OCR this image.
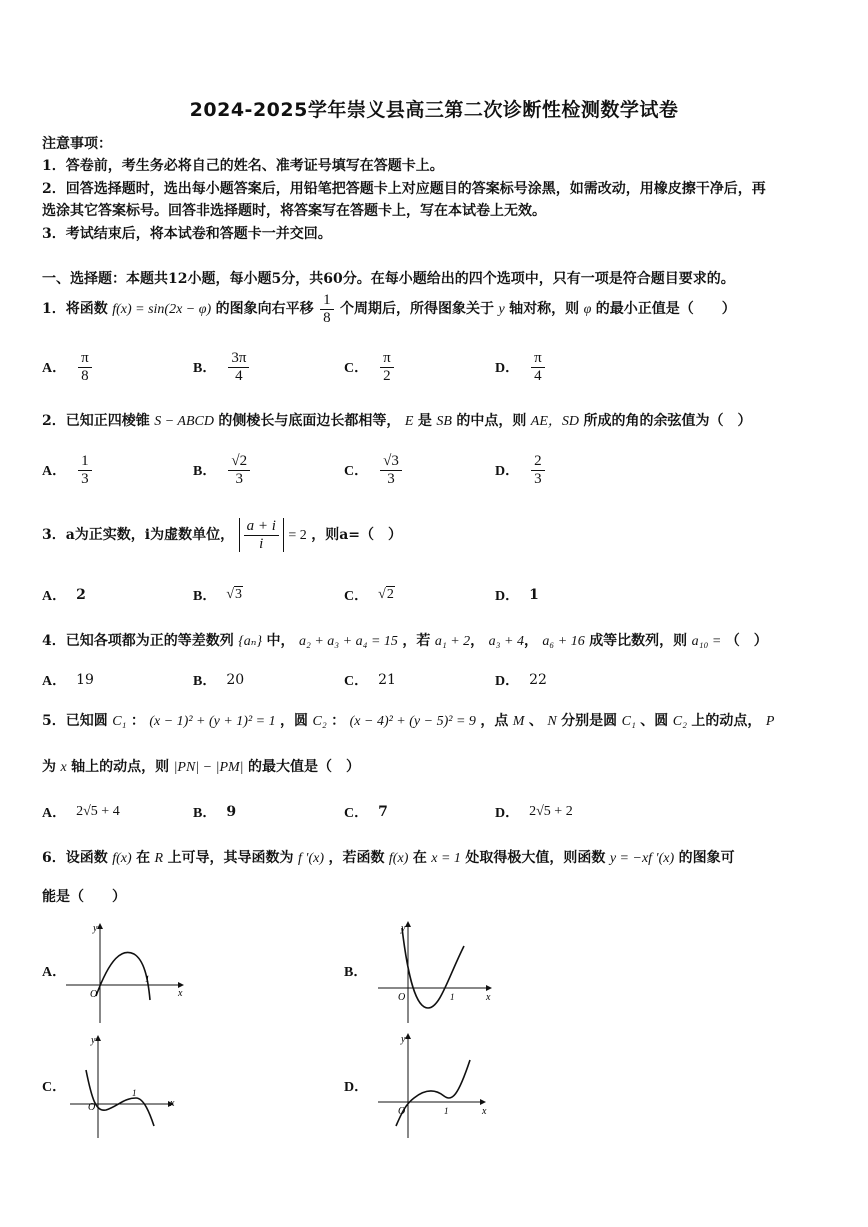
2024-2025学年崇义县高三第二次诊断性检测数学试卷
注意事项：
1．答卷前，考生务必将自己的姓名、准考证号填写在答题卡上。
2．回答选择题时，选出每小题答案后，用铅笔把答题卡上对应题目的答案标号涂黑，如需改动，用橡皮擦干净后，再
选涂其它答案标号。回答非选择题时，将答案写在答题卡上，写在本试卷上无效。
3．考试结束后，将本试卷和答题卡一并交回。
一、选择题：本题共12小题，每小题5分，共60分。在每小题给出的四个选项中，只有一项是符合题目要求的。
1．将函数 f(x) = sin(2x − φ) 的图象向右平移 $\frac{1}{8}$ 个周期后，所得图象关于 y 轴对称，则 φ 的最小正值是（　　）
A． $\frac{\pi}{8}$	B． $\frac{3\pi}{4}$	C． $\frac{\pi}{2}$	D． $\frac{\pi}{4}$
2．已知正四棱锥 S − ABCD 的侧棱长与底面边长都相等， E 是 SB 的中点，则 AE，SD 所成的角的余弦值为（　）
A． $\frac{1}{3}$	B． $\frac{√2}{3}$	C． $\frac{√3}{3}$	D． $\frac{2}{3}$
3．a为正实数，i为虚数单位， $\frac{a + i}{i} = 2$ ，则a=（　）
A． 2	B． √3	C． √2	D． 1
4．已知各项都为正的等差数列 {aₙ} 中， a₂ + a₃ + a₄ = 15 ，若 a₁ + 2， a₃ + 4， a₆ + 16 成等比数列，则 a₁₀ = （　）
A． 19	B． 20	C． 21	D． 22
5．已知圆 C₁ ： (x − 1)² + (y + 1)² = 1 ，圆 C₂ ： (x − 4)² + (y − 5)² = 9 ，点 M 、 N 分别是圆 C₁ 、圆 C₂ 上的动点， P
为 x 轴上的动点，则 |PN| − |PM| 的最大值是（　）
A． 2√5 + 4	B． 9	C． 7	D． 2√5 + 2
6．设函数 f(x) 在 R 上可导，其导函数为 f ′(x) ，若函数 f(x) 在 x = 1 处取得极大值，则函数 y = −xf ′(x) 的图象可
能是（　　）
A．
y
x
O
1	B．
y
x
O	1
C．
y
x
O
1	D．
y
x
O	1
